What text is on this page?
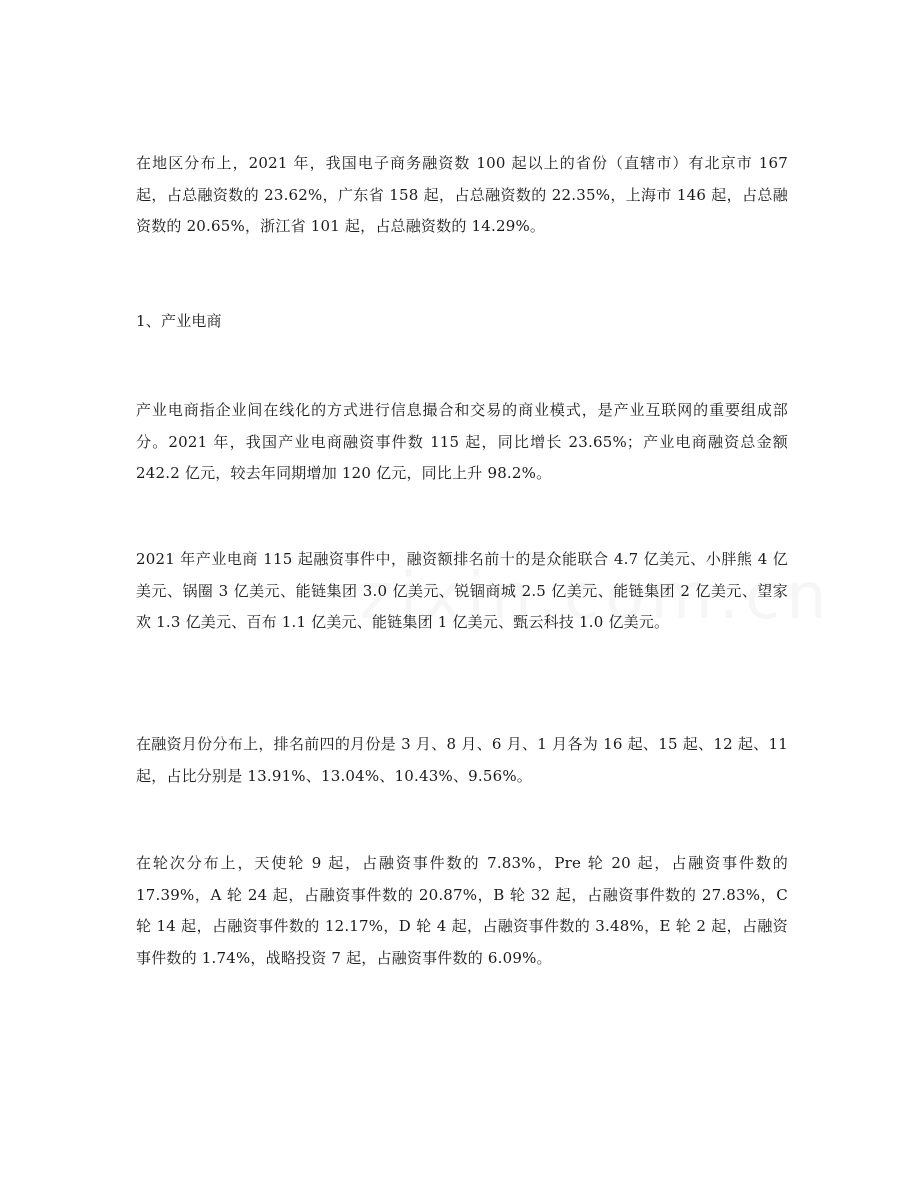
在地区分布上，2021 年，我国电子商务融资数 100 起以上的省份（直辖市）有北京市 167 起，占总融资数的 23.62%，广东省 158 起，占总融资数的 22.35%，上海市 146 起，占总融资数的 20.65%，浙江省 101 起，占总融资数的 14.29%。

1、产业电商

产业电商指企业间在线化的方式进行信息撮合和交易的商业模式，是产业互联网的重要组成部分。2021 年，我国产业电商融资事件数 115 起，同比增长 23.65%；产业电商融资总金额 242.2 亿元，较去年同期增加 120 亿元，同比上升 98.2%。

2021 年产业电商 115 起融资事件中，融资额排名前十的是众能联合 4.7 亿美元、小胖熊 4 亿美元、锅圈 3 亿美元、能链集团 3.0 亿美元、锐锢商城 2.5 亿美元、能链集团 2 亿美元、望家欢 1.3 亿美元、百布 1.1 亿美元、能链集团 1 亿美元、甄云科技 1.0 亿美元。

在融资月份分布上，排名前四的月份是 3 月、8 月、6 月、1 月各为 16 起、15 起、12 起、11 起，占比分别是 13.91%、13.04%、10.43%、9.56%。

在轮次分布上，天使轮 9 起，占融资事件数的 7.83%，Pre 轮 20 起，占融资事件数的 17.39%，A 轮 24 起，占融资事件数的 20.87%，B 轮 32 起，占融资事件数的 27.83%，C 轮 14 起，占融资事件数的 12.17%，D 轮 4 起，占融资事件数的 3.48%，E 轮 2 起，占融资事件数的 1.74%，战略投资 7 起，占融资事件数的 6.09%。
